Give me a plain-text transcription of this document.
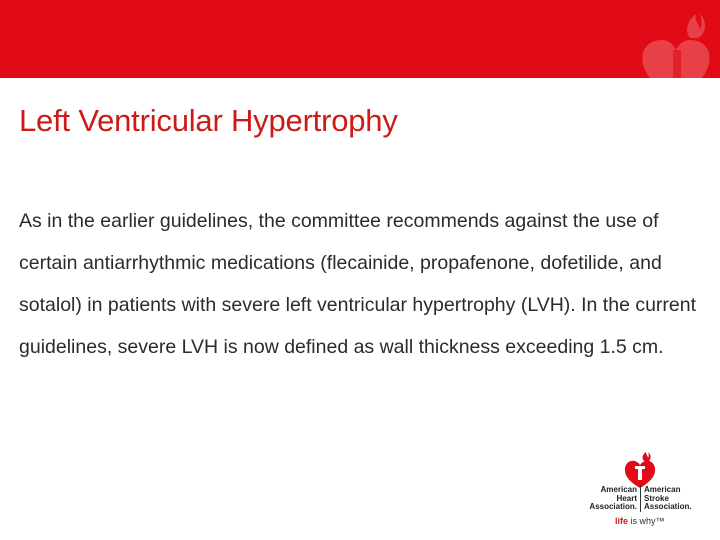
Left Ventricular Hypertrophy

As in the earlier guidelines, the committee recommends against the use of certain antiarrhythmic medications (flecainide, propafenone, dofetilide, and sotalol) in patients with severe left ventricular hypertrophy (LVH). In the current guidelines, severe LVH is now defined as wall thickness exceeding 1.5 cm.

American
Heart
Association.
American
Stroke
Association.
life is why™
